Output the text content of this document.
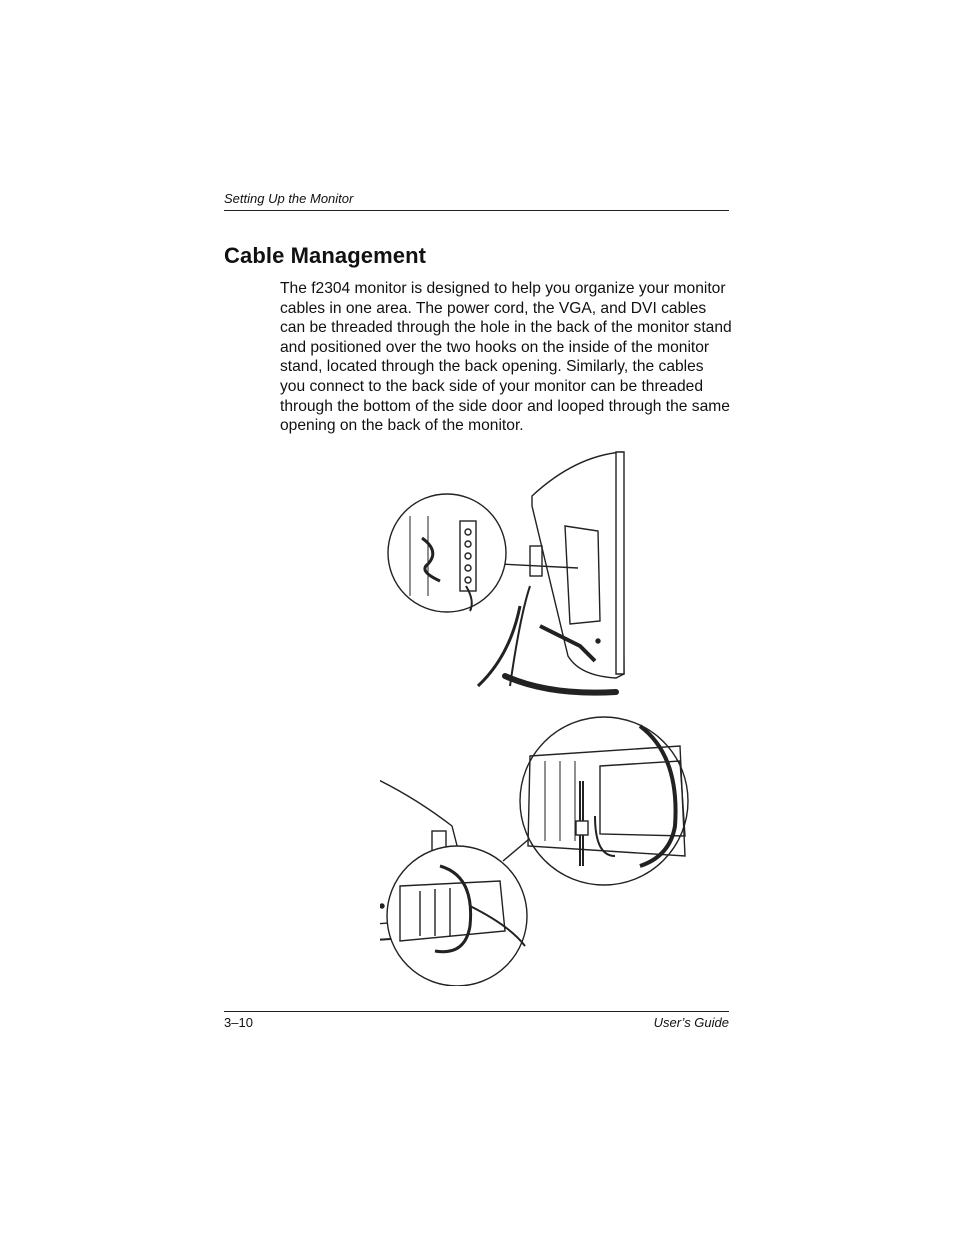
Setting Up the Monitor
Cable Management

The f2304 monitor is designed to help you organize your monitor cables in one area. The power cord, the VGA, and DVI cables can be threaded through the hole in the back of the monitor stand and positioned over the two hooks on the inside of the monitor stand, located through the back opening. Similarly, the cables you connect to the back side of your monitor can be threaded through the bottom of the side door and looped through the same opening on the back of the monitor.

3–10	User’s Guide
